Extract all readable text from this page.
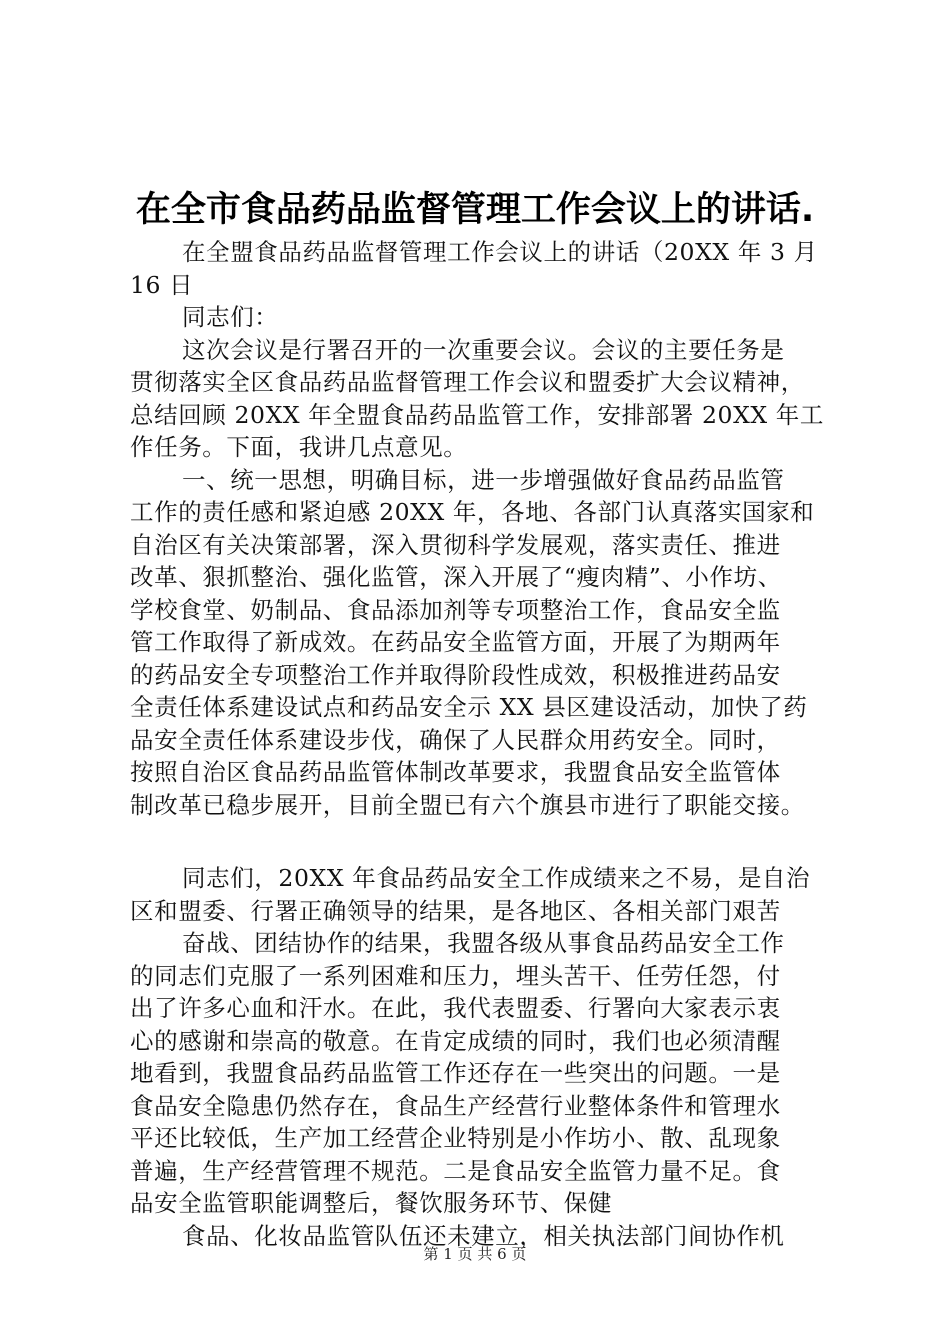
在全市食品药品监督管理工作会议上的讲话.
在全盟食品药品监督管理工作会议上的讲话（20XX 年 3 月
16 日
同志们：
这次会议是行署召开的一次重要会议。会议的主要任务是
贯彻落实全区食品药品监督管理工作会议和盟委扩大会议精神，
总结回顾 20XX 年全盟食品药品监管工作，安排部署 20XX 年工
作任务。下面，我讲几点意见。
一、统一思想，明确目标，进一步增强做好食品药品监管
工作的责任感和紧迫感 20XX 年，各地、各部门认真落实国家和
自治区有关决策部署，深入贯彻科学发展观，落实责任、推进
改革、狠抓整治、强化监管，深入开展了“瘦肉精”、小作坊、
学校食堂、奶制品、食品添加剂等专项整治工作，食品安全监
管工作取得了新成效。在药品安全监管方面，开展了为期两年
的药品安全专项整治工作并取得阶段性成效，积极推进药品安
全责任体系建设试点和药品安全示 XX 县区建设活动，加快了药
品安全责任体系建设步伐，确保了人民群众用药安全。同时，
按照自治区食品药品监管体制改革要求，我盟食品安全监管体
制改革已稳步展开，目前全盟已有六个旗县市进行了职能交接。
同志们，20XX 年食品药品安全工作成绩来之不易，是自治
区和盟委、行署正确领导的结果，是各地区、各相关部门艰苦
奋战、团结协作的结果，我盟各级从事食品药品安全工作
的同志们克服了一系列困难和压力，埋头苦干、任劳任怨，付
出了许多心血和汗水。在此，我代表盟委、行署向大家表示衷
心的感谢和崇高的敬意。在肯定成绩的同时，我们也必须清醒
地看到，我盟食品药品监管工作还存在一些突出的问题。一是
食品安全隐患仍然存在，食品生产经营行业整体条件和管理水
平还比较低，生产加工经营企业特别是小作坊小、散、乱现象
普遍，生产经营管理不规范。二是食品安全监管力量不足。食
品安全监管职能调整后，餐饮服务环节、保健
食品、化妆品监管队伍还未建立，相关执法部门间协作机
第 1 页 共 6 页
